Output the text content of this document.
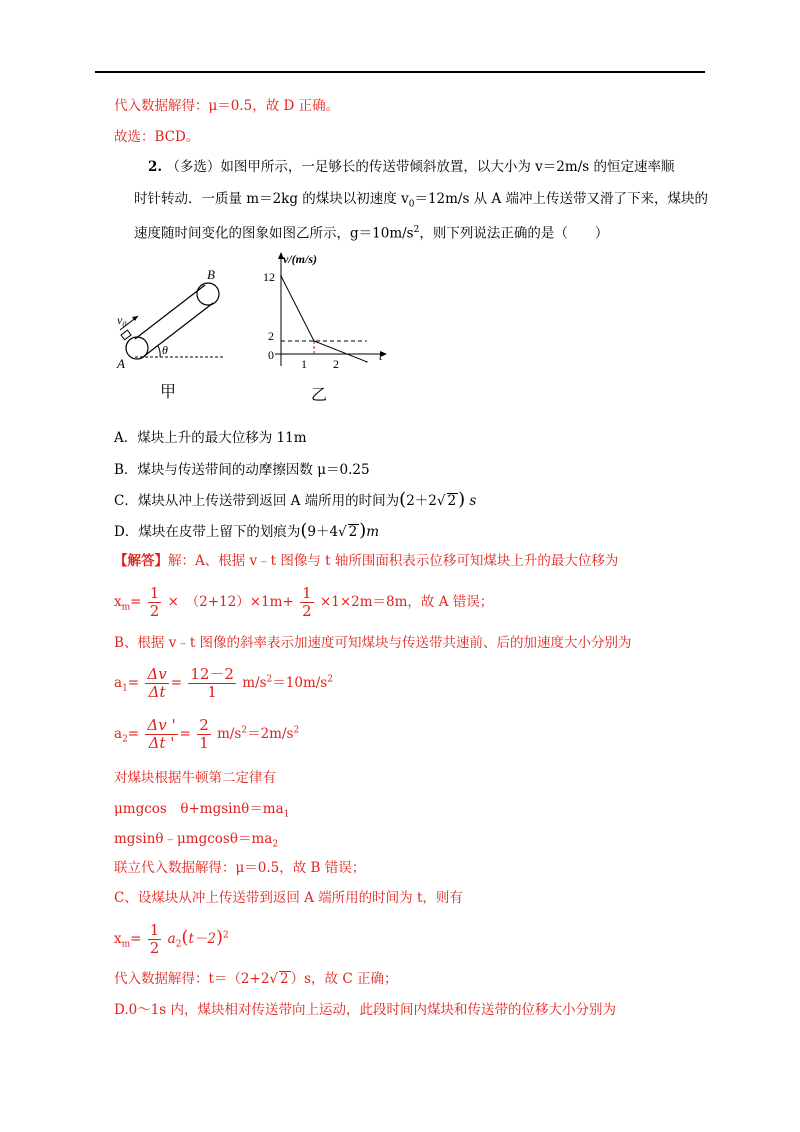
代入数据解得：μ＝0.5，故 D 正确。
故选：BCD。
2. （多选）如图甲所示，一足够长的传送带倾斜放置，以大小为 v＝2m/s 的恒定速率顺
时针转动．一质量 m＝2kg 的煤块以初速度 $v_0=12m/s$ 从 A 端冲上传送带又滑了下来，煤块的
速度随时间变化的图象如图乙所示，$g=10m/s^2$，则下列说法正确的是（　　）
$v_0$
B
A
θ
甲
v/(m/s)
12
2
0
1 2
t
乙
A．煤块上升的最大位移为 11m
B．煤块与传送带间的动摩擦因数 μ＝0.25
C．煤块从冲上传送带到返回 A 端所用的时间为(2＋2√ 2 ) s
D．煤块在皮带上留下的划痕为(9＋4√ 2 )m
【解答】解：A、根据 v﹣t 图像与 t 轴所围面积表示位移可知煤块上升的最大位移为
$x_m= \frac{1}{2}$ ×　$(2+12)\times 1m+ \frac{1}{2} \times 1\times 2m=8m$，故 A 错误；
B、根据 v﹣t 图像的斜率表示加速度可知煤块与传送带共速前、后的加速度大小分别为
$a_1= \frac{\Delta v}{\Delta t} = \frac{12-2}{1} m/s^2=10m/s^2$
$a_2= \frac{\Delta v '}{\Delta t '} = \frac{2}{1} m/s^2=2m/s^2$
对煤块根据牛顿第二定律有
μmgcos　$\theta+mgsin\theta=ma_1$
$mgsin\theta﹣\mu mgcos\theta=ma_2$
联立代入数据解得：μ＝0.5，故 B 错误；
C、设煤块从冲上传送带到返回 A 端所用的时间为 t，则有
$x_m= \frac{1}{2} a_2(t-2)^2$
代入数据解得：t＝（2+2√ 2 ）s，故 C 正确；
D.0～1s 内，煤块相对传送带向上运动，此段时间内煤块和传送带的位移大小分别为
